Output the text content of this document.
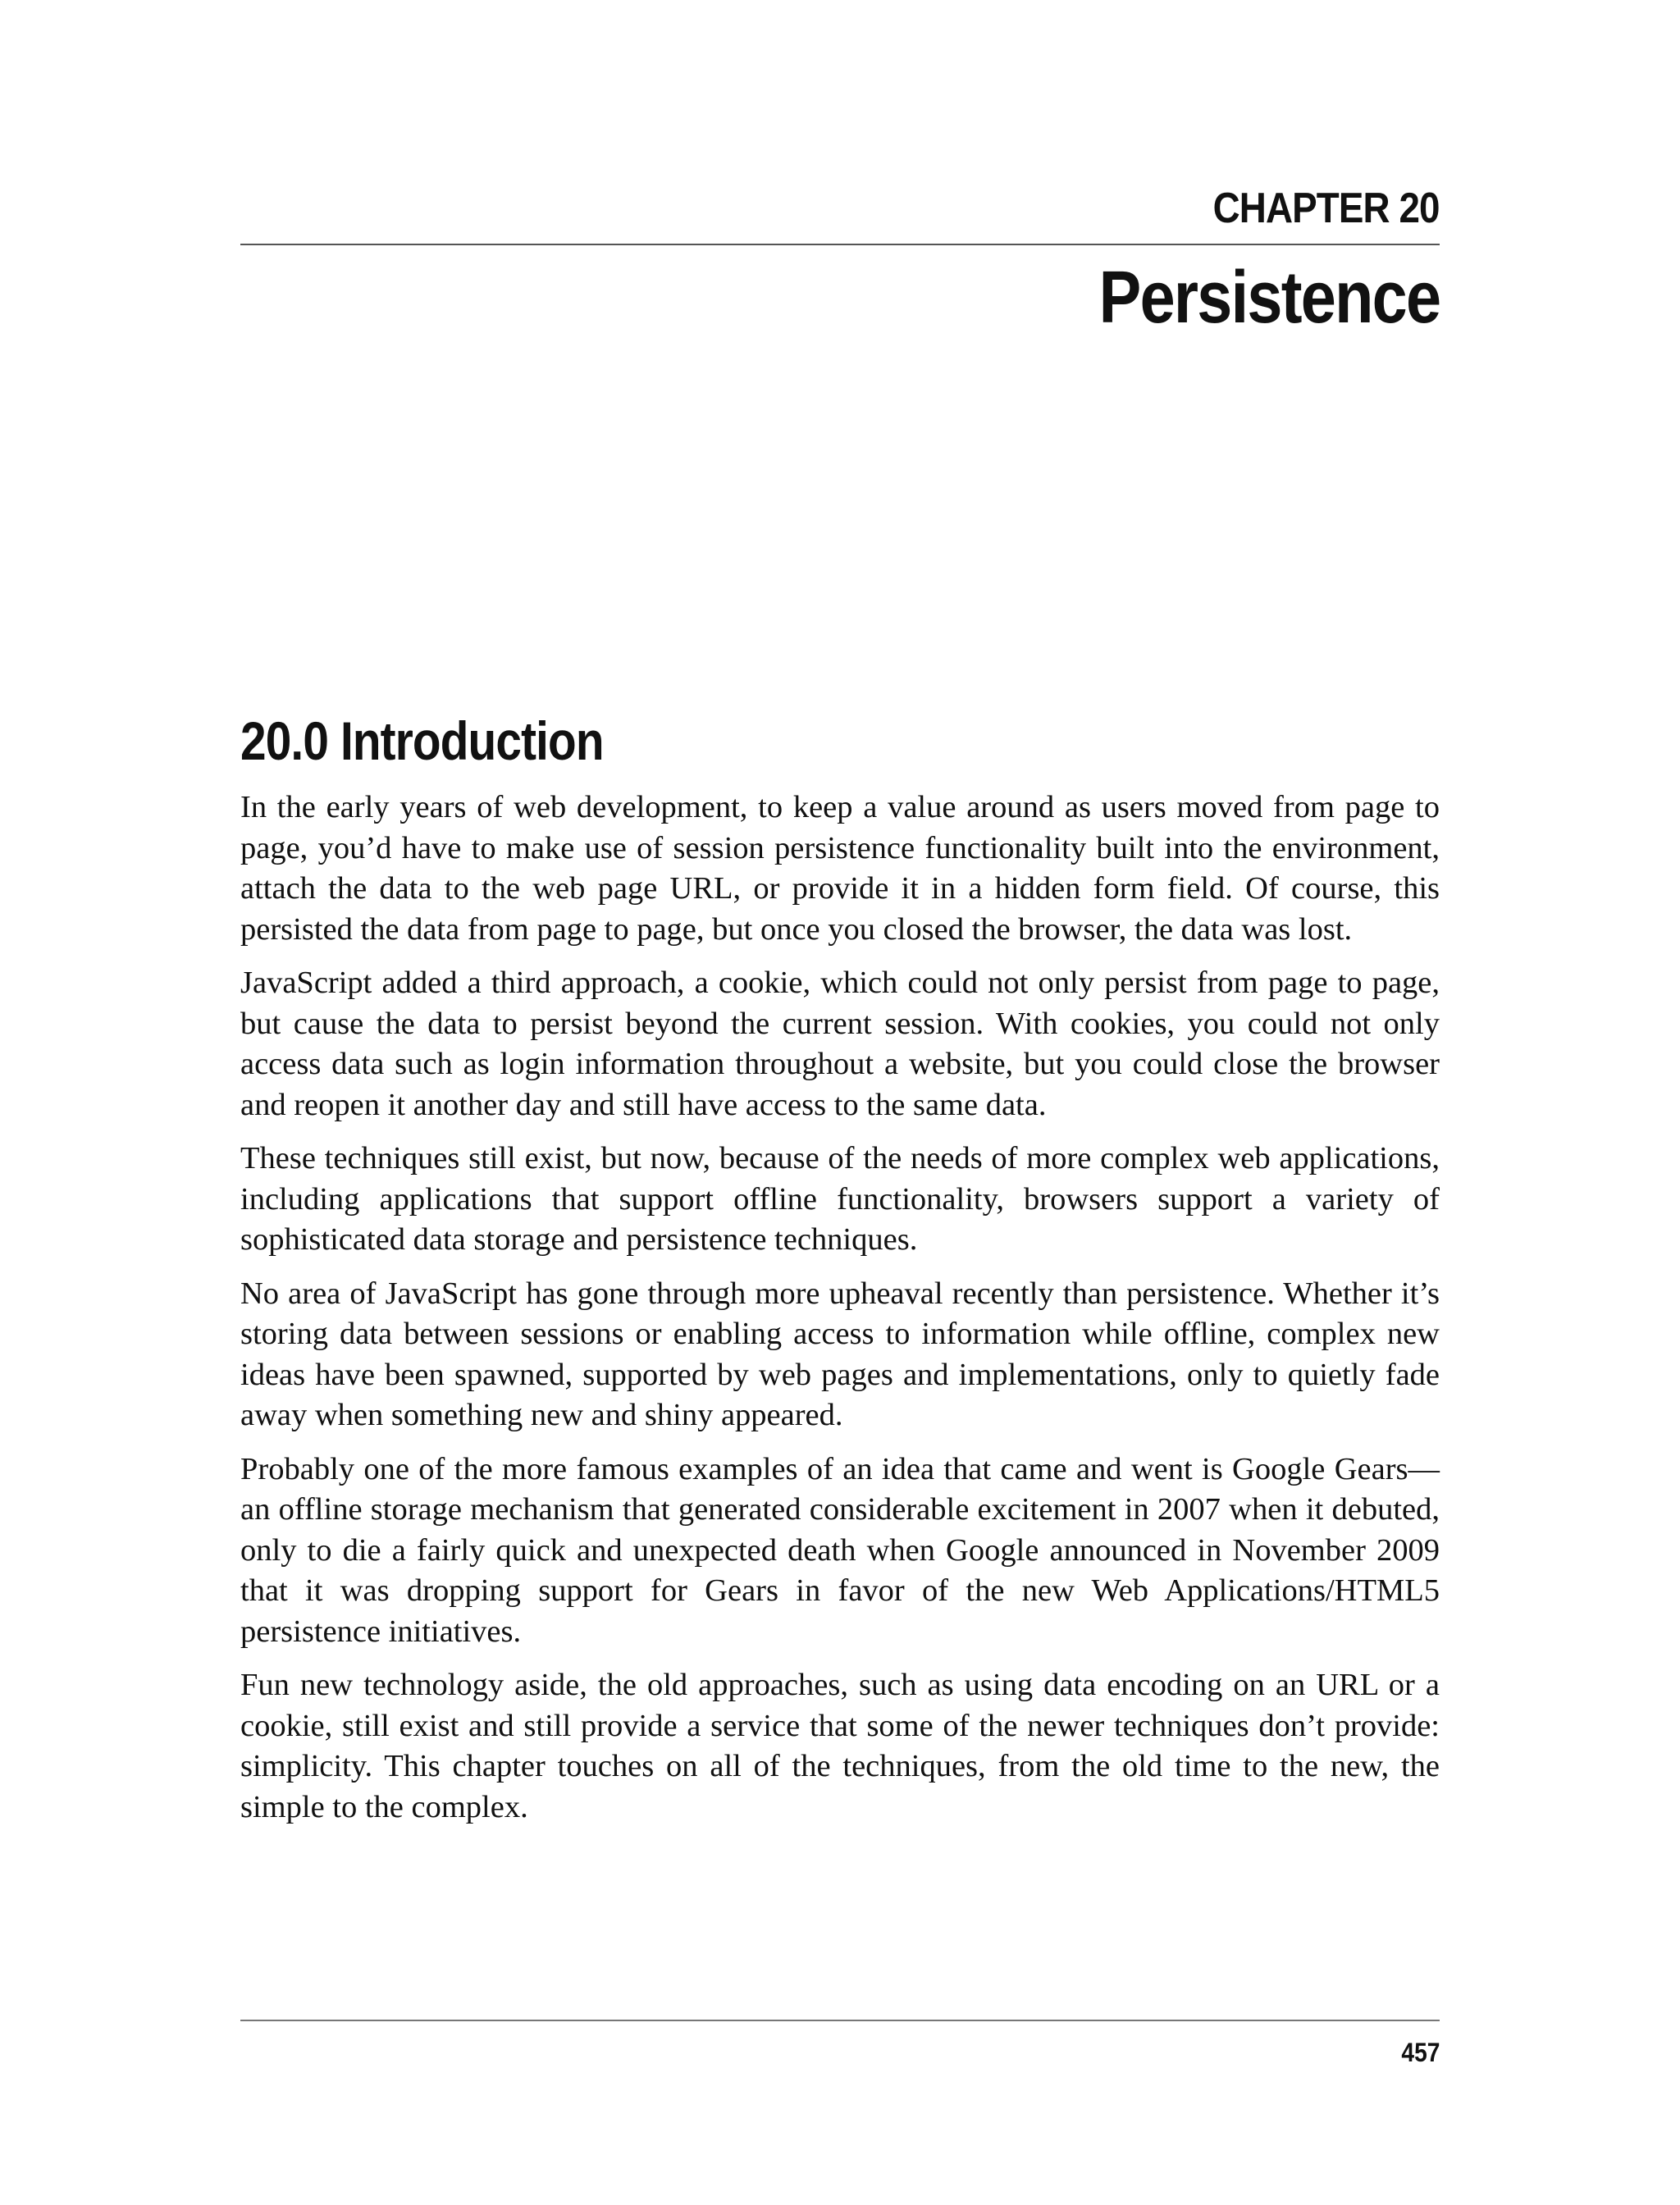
CHAPTER 20
Persistence
20.0 Introduction

In the early years of web development, to keep a value around as users moved from page to page, you’d have to make use of session persistence functionality built into the environment, attach the data to the web page URL, or provide it in a hidden form field. Of course, this persisted the data from page to page, but once you closed the browser, the data was lost.

JavaScript added a third approach, a cookie, which could not only persist from page to page, but cause the data to persist beyond the current session. With cookies, you could not only access data such as login information throughout a website, but you could close the browser and reopen it another day and still have access to the same data.

These techniques still exist, but now, because of the needs of more complex web applications, including applications that support offline functionality, browsers support a variety of sophisticated data storage and persistence techniques.

No area of JavaScript has gone through more upheaval recently than persistence. Whether it’s storing data between sessions or enabling access to information while offline, complex new ideas have been spawned, supported by web pages and implementations, only to quietly fade away when something new and shiny appeared.

Probably one of the more famous examples of an idea that came and went is Google Gears—an offline storage mechanism that generated considerable excitement in 2007 when it debuted, only to die a fairly quick and unexpected death when Google announced in November 2009 that it was dropping support for Gears in favor of the new Web Applications/HTML5 persistence initiatives.

Fun new technology aside, the old approaches, such as using data encoding on an URL or a cookie, still exist and still provide a service that some of the newer techniques don’t provide: simplicity. This chapter touches on all of the techniques, from the old time to the new, the simple to the complex.

457
